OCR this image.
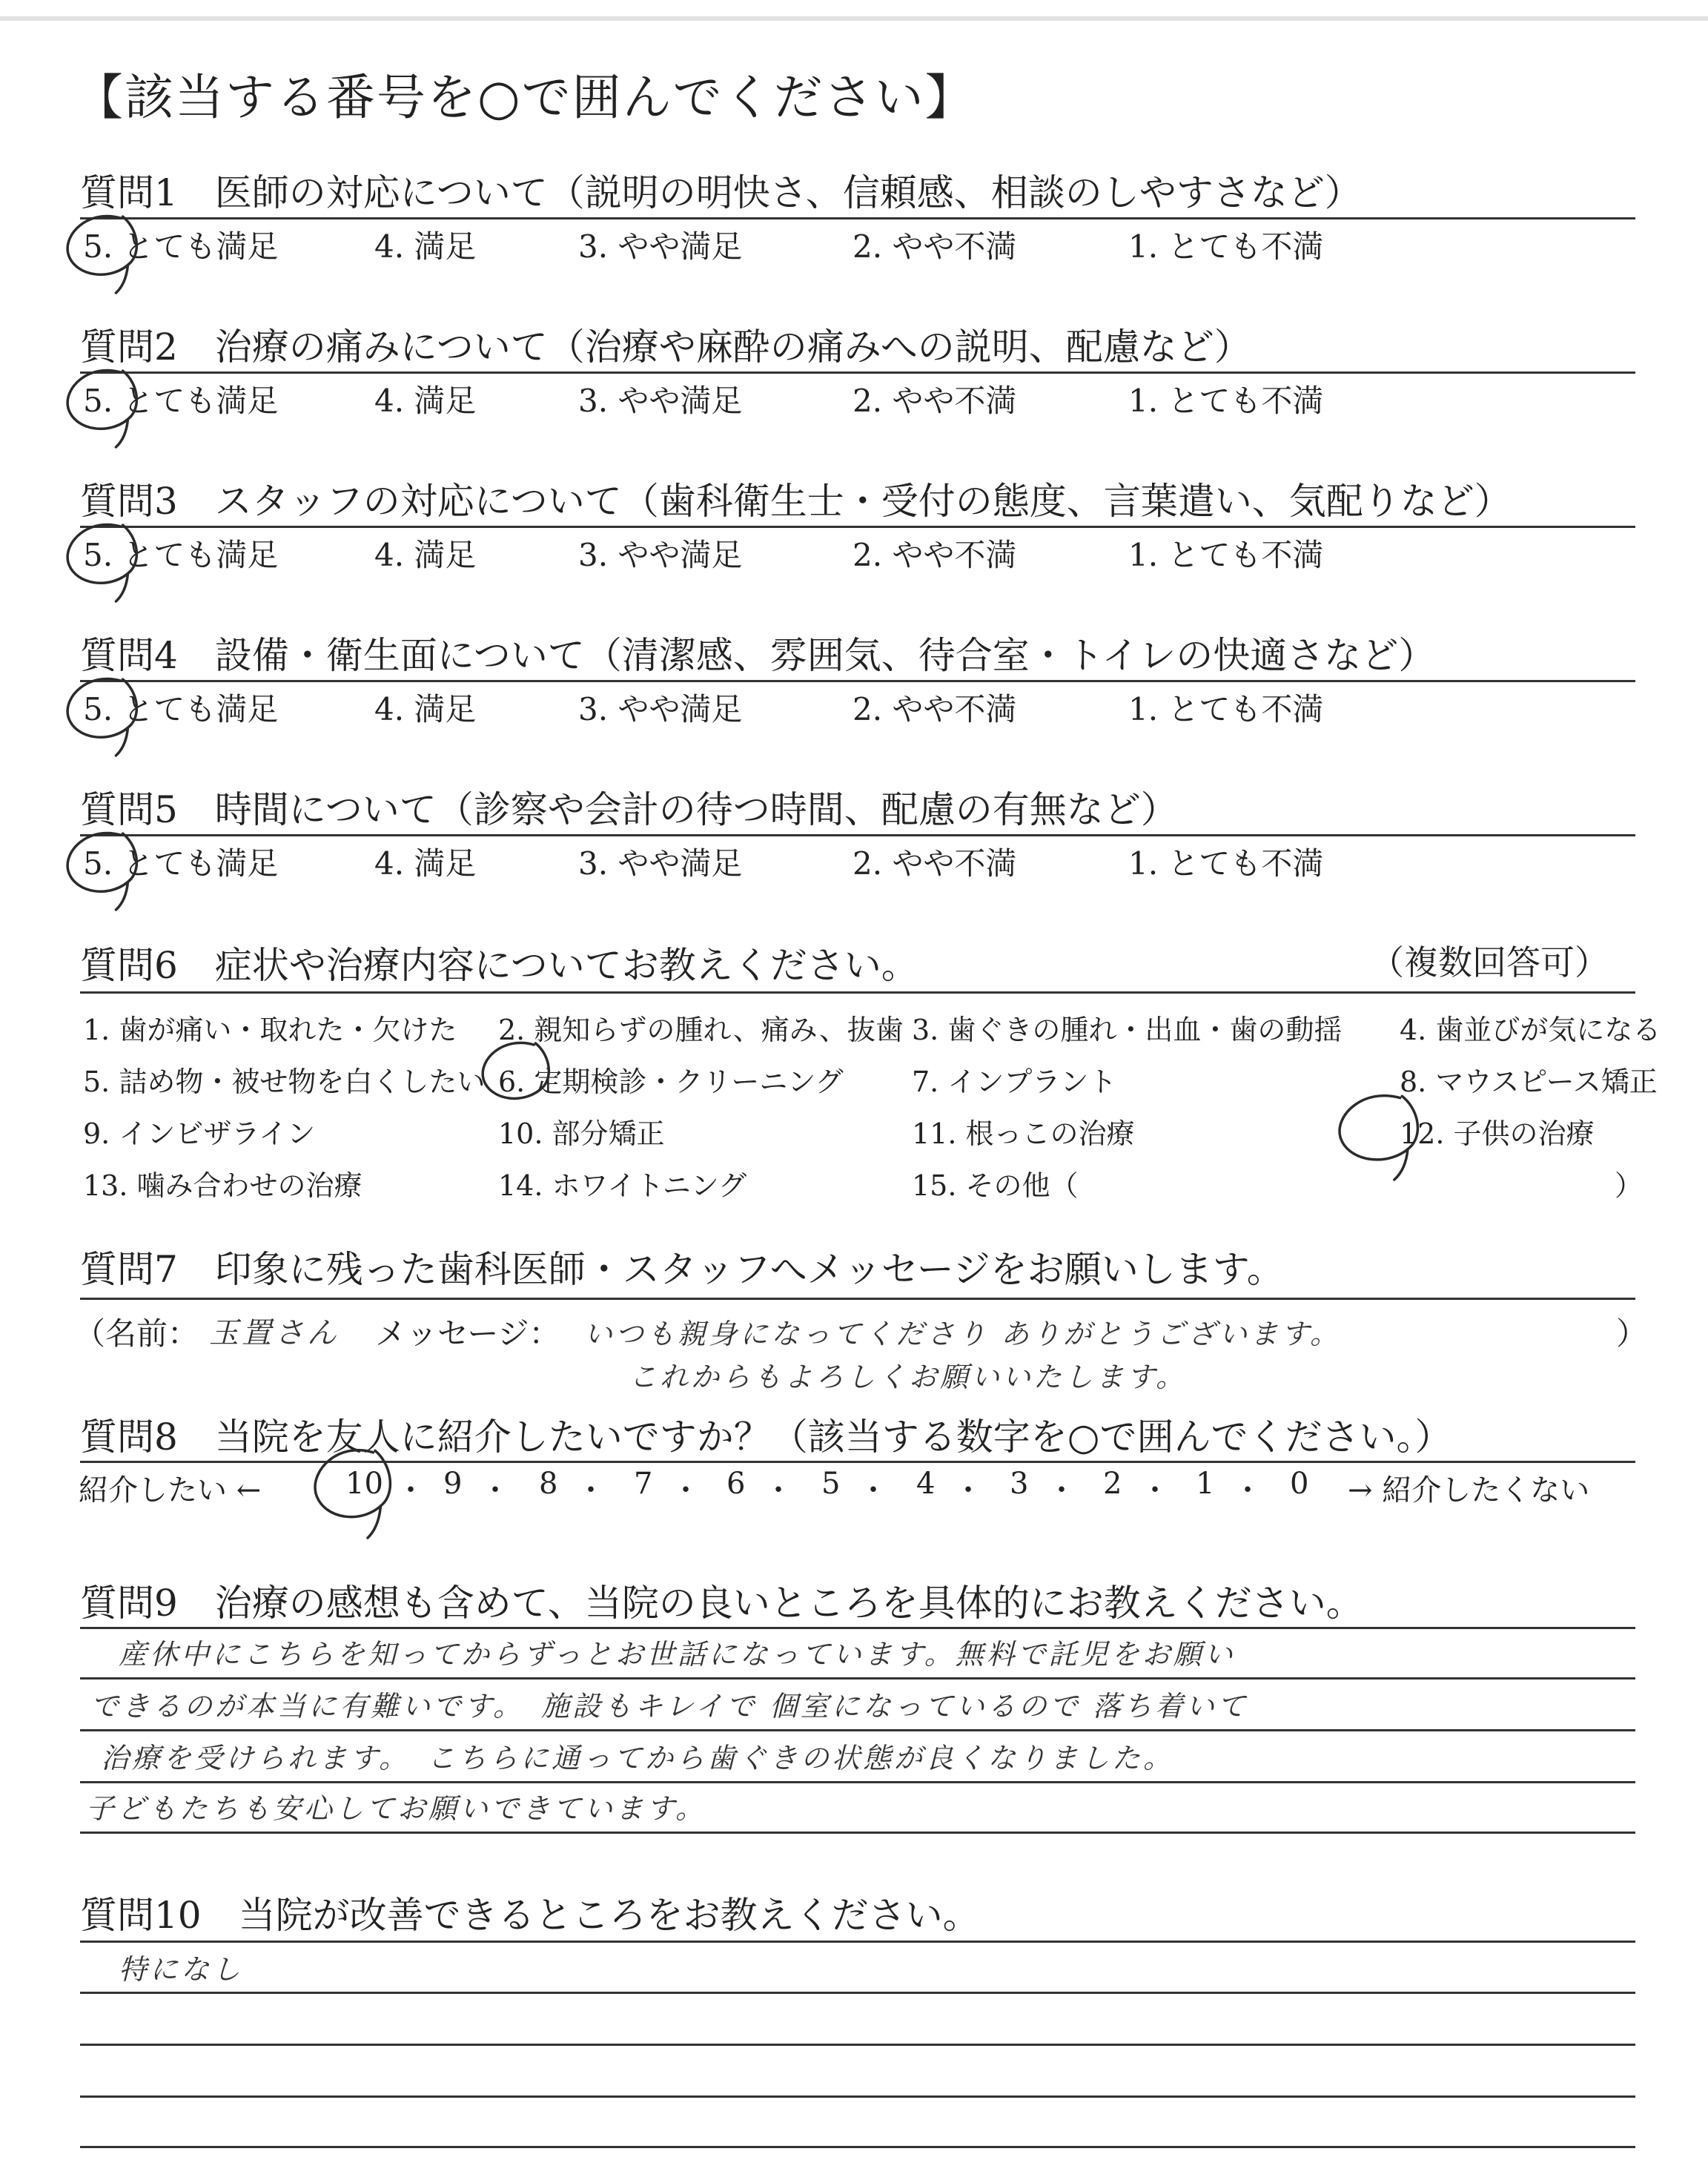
【該当する番号を○で囲んでください】
質問1　医師の対応について（説明の明快さ、信頼感、相談のしやすさなど）
5. とても満足	4. 満足	3. やや満足	2. やや不満	1. とても不満
質問2　治療の痛みについて（治療や麻酔の痛みへの説明、配慮など）
5. とても満足	4. 満足	3. やや満足	2. やや不満	1. とても不満
質問3　スタッフの対応について（歯科衛生士・受付の態度、言葉遣い、気配りなど）
5. とても満足	4. 満足	3. やや満足	2. やや不満	1. とても不満
質問4　設備・衛生面について（清潔感、雰囲気、待合室・トイレの快適さなど）
5. とても満足	4. 満足	3. やや満足	2. やや不満	1. とても不満
質問5　時間について（診察や会計の待つ時間、配慮の有無など）
5. とても満足	4. 満足	3. やや満足	2. やや不満	1. とても不満
質問6　症状や治療内容についてお教えください。	（複数回答可）
1. 歯が痛い・取れた・欠けた 2. 親知らずの腫れ、痛み、抜歯 3. 歯ぐきの腫れ・出血・歯の動揺 4. 歯並びが気になる
5. 詰め物・被せ物を白くしたい 6. 定期検診・クリーニング 7. インプラント	8. マウスピース矯正
9. インビザライン	10. 部分矯正	11. 根っこの治療	12. 子供の治療
13. 噛み合わせの治療	14. ホワイトニング	15. その他（	）
質問7　印象に残った歯科医師・スタッフへメッセージをお願いします。
（名前： 玉置さん メッセージ： いつも親身になってくださり ありがとうございます。
これからもよろしくお願いいたします。
）
質問8　当院を友人に紹介したいですか？（該当する数字を○で囲んでください。）
紹介したい ←	10 ・ 9 ・ 8 ・ 7 ・ 6 ・ 5 ・ 4 ・ 3 ・ 2 ・ 1 ・ 0 → 紹介したくない
質問9　治療の感想も含めて、当院の良いところを具体的にお教えください。
産休中にこちらを知ってからずっとお世話になっています。無料で託児をお願い
できるのが本当に有難いです。　施設もキレイで 個室になっているので 落ち着いて
治療を受けられます。　こちらに通ってから歯ぐきの状態が良くなりました。
子どもたちも安心してお願いできています。
質問10　当院が改善できるところをお教えください。
特になし
